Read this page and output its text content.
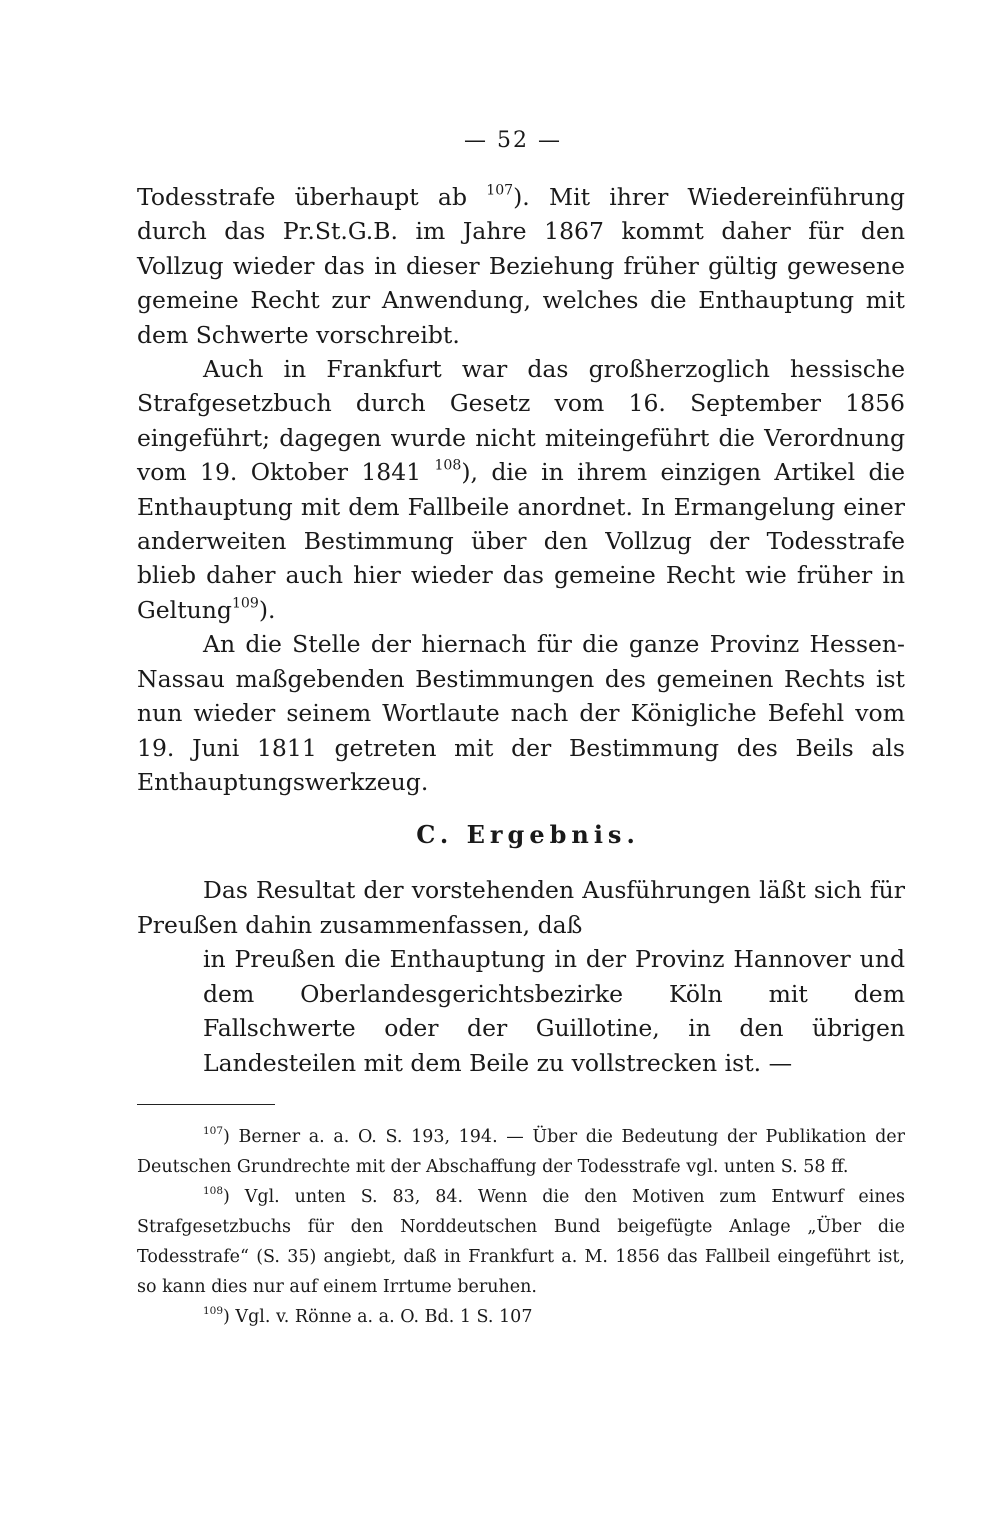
— 52 —

Todesstrafe überhaupt ab $^{107}$). Mit ihrer Wiedereinführung durch das Pr.St.G.B. im Jahre 1867 kommt daher für den Vollzug wieder das in dieser Beziehung früher gültig gewesene gemeine Recht zur Anwendung, welches die Enthauptung mit dem Schwerte vorschreibt.

Auch in Frankfurt war das großherzoglich hessische Strafgesetzbuch durch Gesetz vom 16. September 1856 eingeführt; dagegen wurde nicht miteingeführt die Verordnung vom 19. Oktober 1841 $^{108}$), die in ihrem einzigen Artikel die Enthauptung mit dem Fallbeile anordnet. In Ermangelung einer anderweiten Bestimmung über den Vollzug der Todesstrafe blieb daher auch hier wieder das gemeine Recht wie früher in Geltung$^{109}$).

An die Stelle der hiernach für die ganze Provinz Hessen-Nassau maßgebenden Bestimmungen des gemeinen Rechts ist nun wieder seinem Wortlaute nach der Königliche Befehl vom 19. Juni 1811 getreten mit der Bestimmung des Beils als Enthauptungswerkzeug.

C. Ergebnis.

Das Resultat der vorstehenden Ausführungen läßt sich für Preußen dahin zusammenfassen, daß

in Preußen die Enthauptung in der Provinz Hannover und dem Oberlandesgerichtsbezirke Köln mit dem Fallschwerte oder der Guillotine, in den übrigen Landesteilen mit dem Beile zu vollstrecken ist. —

$^{107}$) Berner a. a. O. S. 193, 194. — Über die Bedeutung der Publikation der Deutschen Grundrechte mit der Abschaffung der Todesstrafe vgl. unten S. 58 ff.

$^{108}$) Vgl. unten S. 83, 84. Wenn die den Motiven zum Entwurf eines Strafgesetzbuchs für den Norddeutschen Bund beigefügte Anlage „Über die Todesstrafe“ (S. 35) angiebt, daß in Frankfurt a. M. 1856 das Fallbeil eingeführt ist, so kann dies nur auf einem Irrtume beruhen.

$^{109}$) Vgl. v. Rönne a. a. O. Bd. 1 S. 107
